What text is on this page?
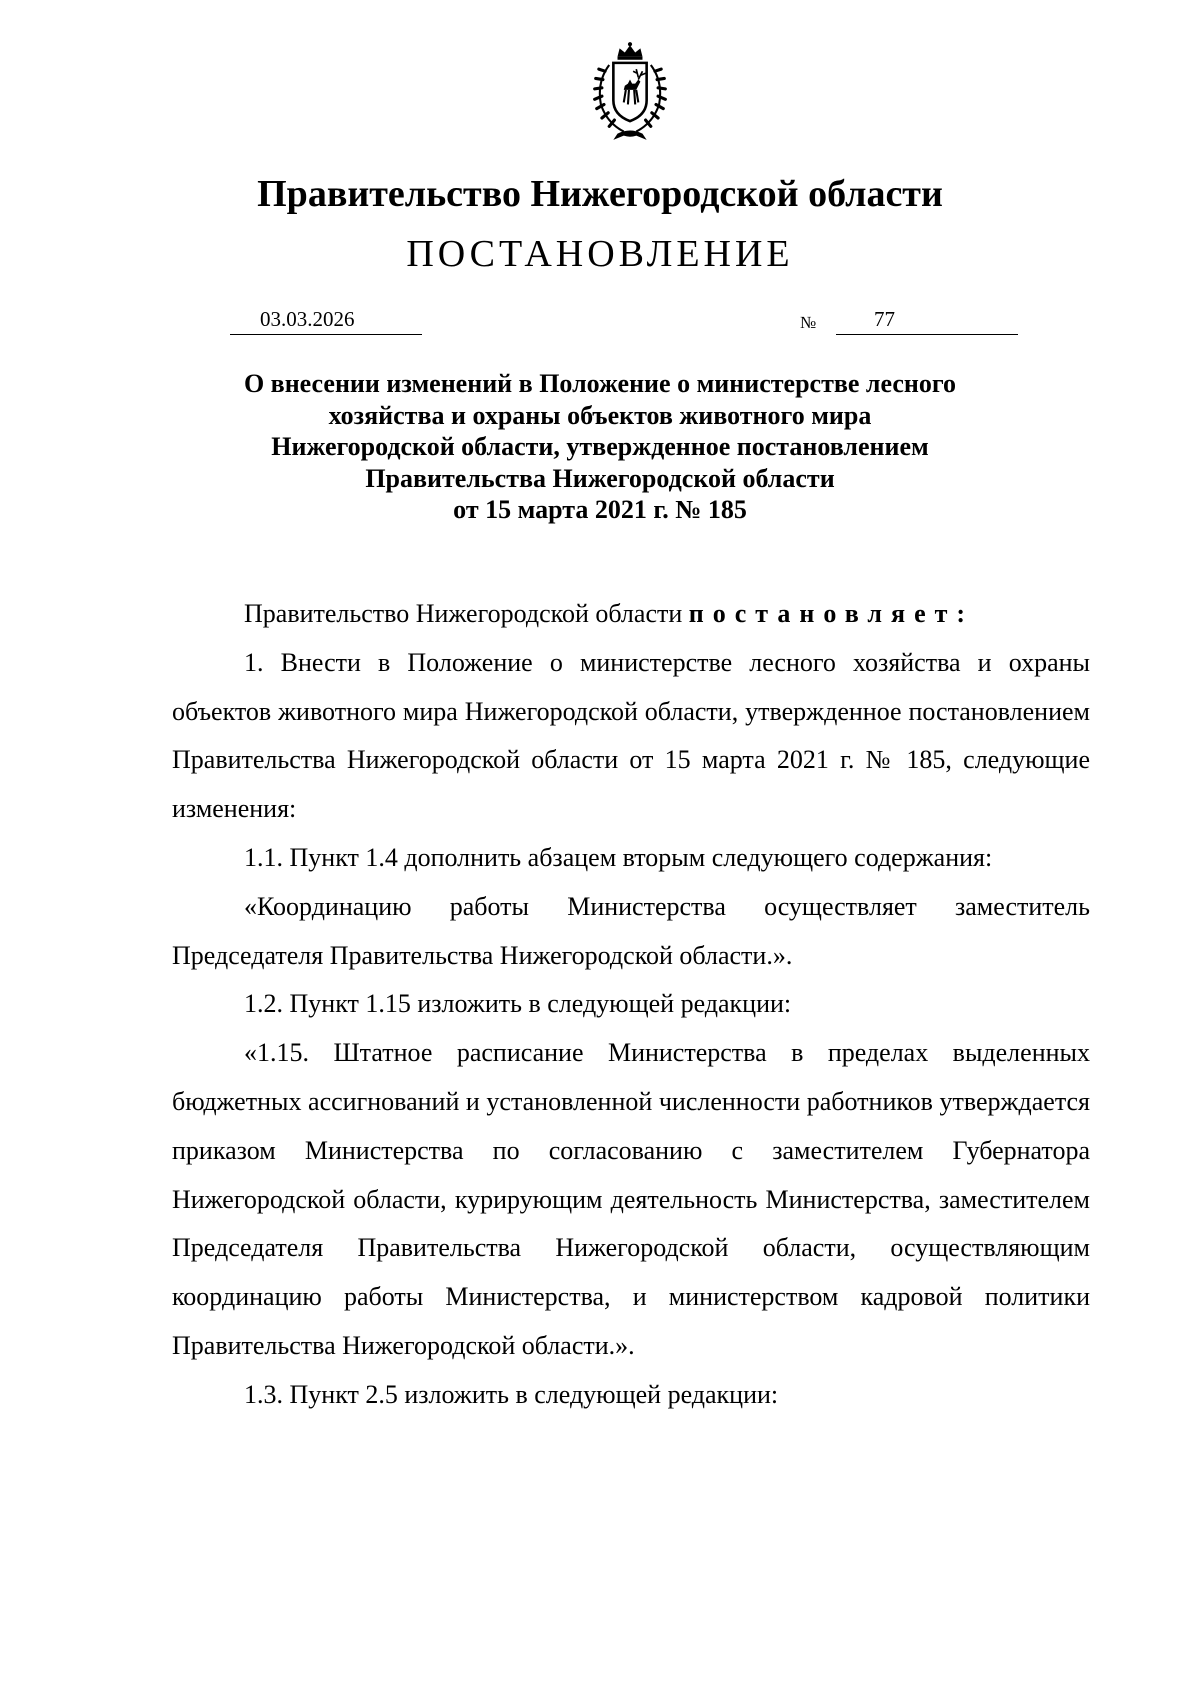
Правительство Нижегородской области
ПОСТАНОВЛЕНИЕ
03.03.2026	№	77
О внесении изменений в Положение о министерстве лесного
хозяйства и охраны объектов животного мира
Нижегородской области, утвержденное постановлением
Правительства Нижегородской области
от 15 марта 2021 г. № 185

Правительство Нижегородской области постановляет:

1. Внести в Положение о министерстве лесного хозяйства и охраны объектов животного мира Нижегородской области, утвержденное постановлением Правительства Нижегородской области от 15 марта 2021 г. № 185, следующие изменения:

1.1. Пункт 1.4 дополнить абзацем вторым следующего содержания:

«Координацию работы Министерства осуществляет заместитель Председателя Правительства Нижегородской области.».

1.2. Пункт 1.15 изложить в следующей редакции:

«1.15. Штатное расписание Министерства в пределах выделенных бюджетных ассигнований и установленной численности работников утверждается приказом Министерства по согласованию с заместителем Губернатора Нижегородской области, курирующим деятельность Министерства, заместителем Председателя Правительства Нижегородской области, осуществляющим координацию работы Министерства, и министерством кадровой политики Правительства Нижегородской области.».

1.3. Пункт 2.5 изложить в следующей редакции:
